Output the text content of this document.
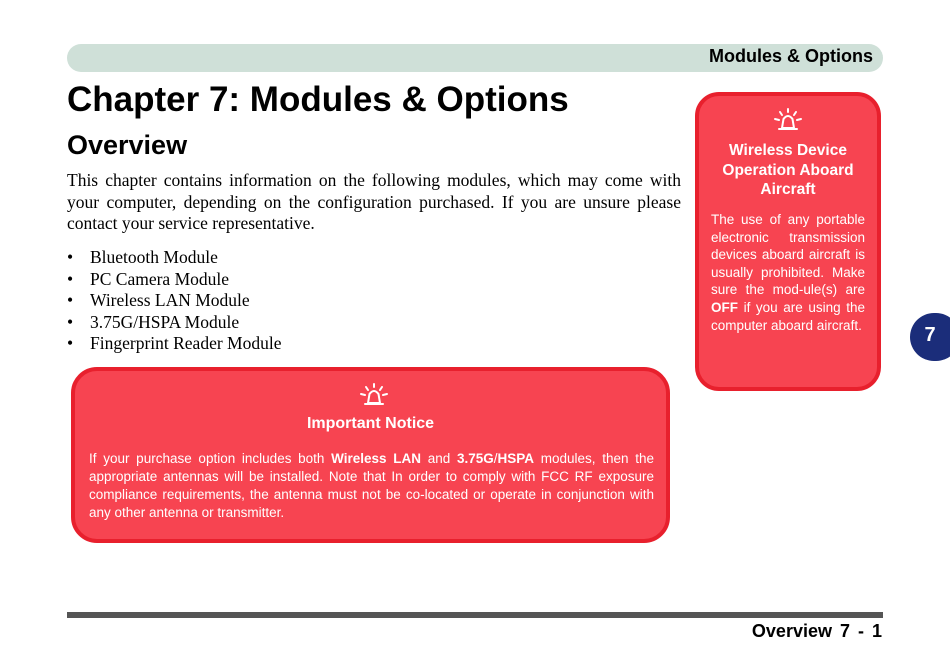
Modules & Options
Chapter 7: Modules & Options
Overview

This chapter contains information on the following modules, which may come with your computer, depending on the configuration purchased. If you are unsure please contact your service representative.

• Bluetooth Module
• PC Camera Module
• Wireless LAN Module
• 3.75G/HSPA Module
• Fingerprint Reader Module
Important Notice

If your purchase option includes both Wireless LAN and 3.75G/HSPA modules, then the appropriate antennas will be installed. Note that In order to comply with FCC RF exposure compliance requirements, the antenna must not be co-located or operate in conjunction with any other antenna or transmitter.

Wireless Device Operation Aboard Aircraft

The use of any portable electronic transmission devices aboard aircraft is usually prohibited. Make sure the mod-ule(s) are OFF if you are using the computer aboard aircraft.	7
Overview 7 - 1
